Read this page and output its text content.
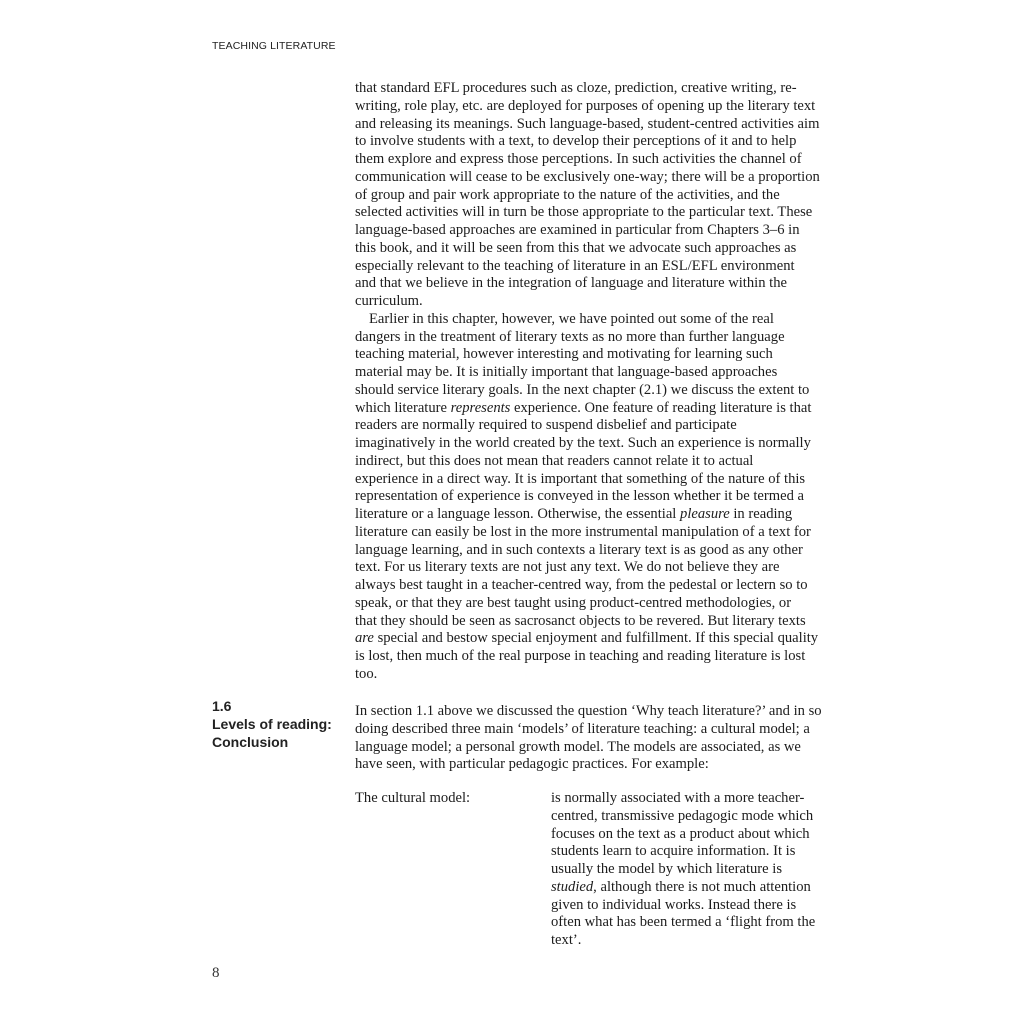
TEACHING LITERATURE
that standard EFL procedures such as cloze, prediction, creative writing, re-
writing, role play, etc. are deployed for purposes of opening up the literary text
and releasing its meanings. Such language-based, student-centred activities aim
to involve students with a text, to develop their perceptions of it and to help
them explore and express those perceptions. In such activities the channel of
communication will cease to be exclusively one-way; there will be a proportion
of group and pair work appropriate to the nature of the activities, and the
selected activities will in turn be those appropriate to the particular text. These
language-based approaches are examined in particular from Chapters 3–6 in
this book, and it will be seen from this that we advocate such approaches as
especially relevant to the teaching of literature in an ESL/EFL environment
and that we believe in the integration of language and literature within the
curriculum.
Earlier in this chapter, however, we have pointed out some of the real
dangers in the treatment of literary texts as no more than further language
teaching material, however interesting and motivating for learning such
material may be. It is initially important that language-based approaches
should service literary goals. In the next chapter (2.1) we discuss the extent to
which literature represents experience. One feature of reading literature is that
readers are normally required to suspend disbelief and participate
imaginatively in the world created by the text. Such an experience is normally
indirect, but this does not mean that readers cannot relate it to actual
experience in a direct way. It is important that something of the nature of this
representation of experience is conveyed in the lesson whether it be termed a
literature or a language lesson. Otherwise, the essential pleasure in reading
literature can easily be lost in the more instrumental manipulation of a text for
language learning, and in such contexts a literary text is as good as any other
text. For us literary texts are not just any text. We do not believe they are
always best taught in a teacher-centred way, from the pedestal or lectern so to
speak, or that they are best taught using product-centred methodologies, or
that they should be seen as sacrosanct objects to be revered. But literary texts
are special and bestow special enjoyment and fulfillment. If this special quality
is lost, then much of the real purpose in teaching and reading literature is lost
too.
1.6
Levels of reading:
Conclusion
In section 1.1 above we discussed the question ‘Why teach literature?’ and in so
doing described three main ‘models’ of literature teaching: a cultural model; a
language model; a personal growth model. The models are associated, as we
have seen, with particular pedagogic practices. For example:
The cultural model:	is normally associated with a more teacher-
centred, transmissive pedagogic mode which
focuses on the text as a product about which
students learn to acquire information. It is
usually the model by which literature is
studied, although there is not much attention
given to individual works. Instead there is
often what has been termed a ‘flight from the
text’.
8
